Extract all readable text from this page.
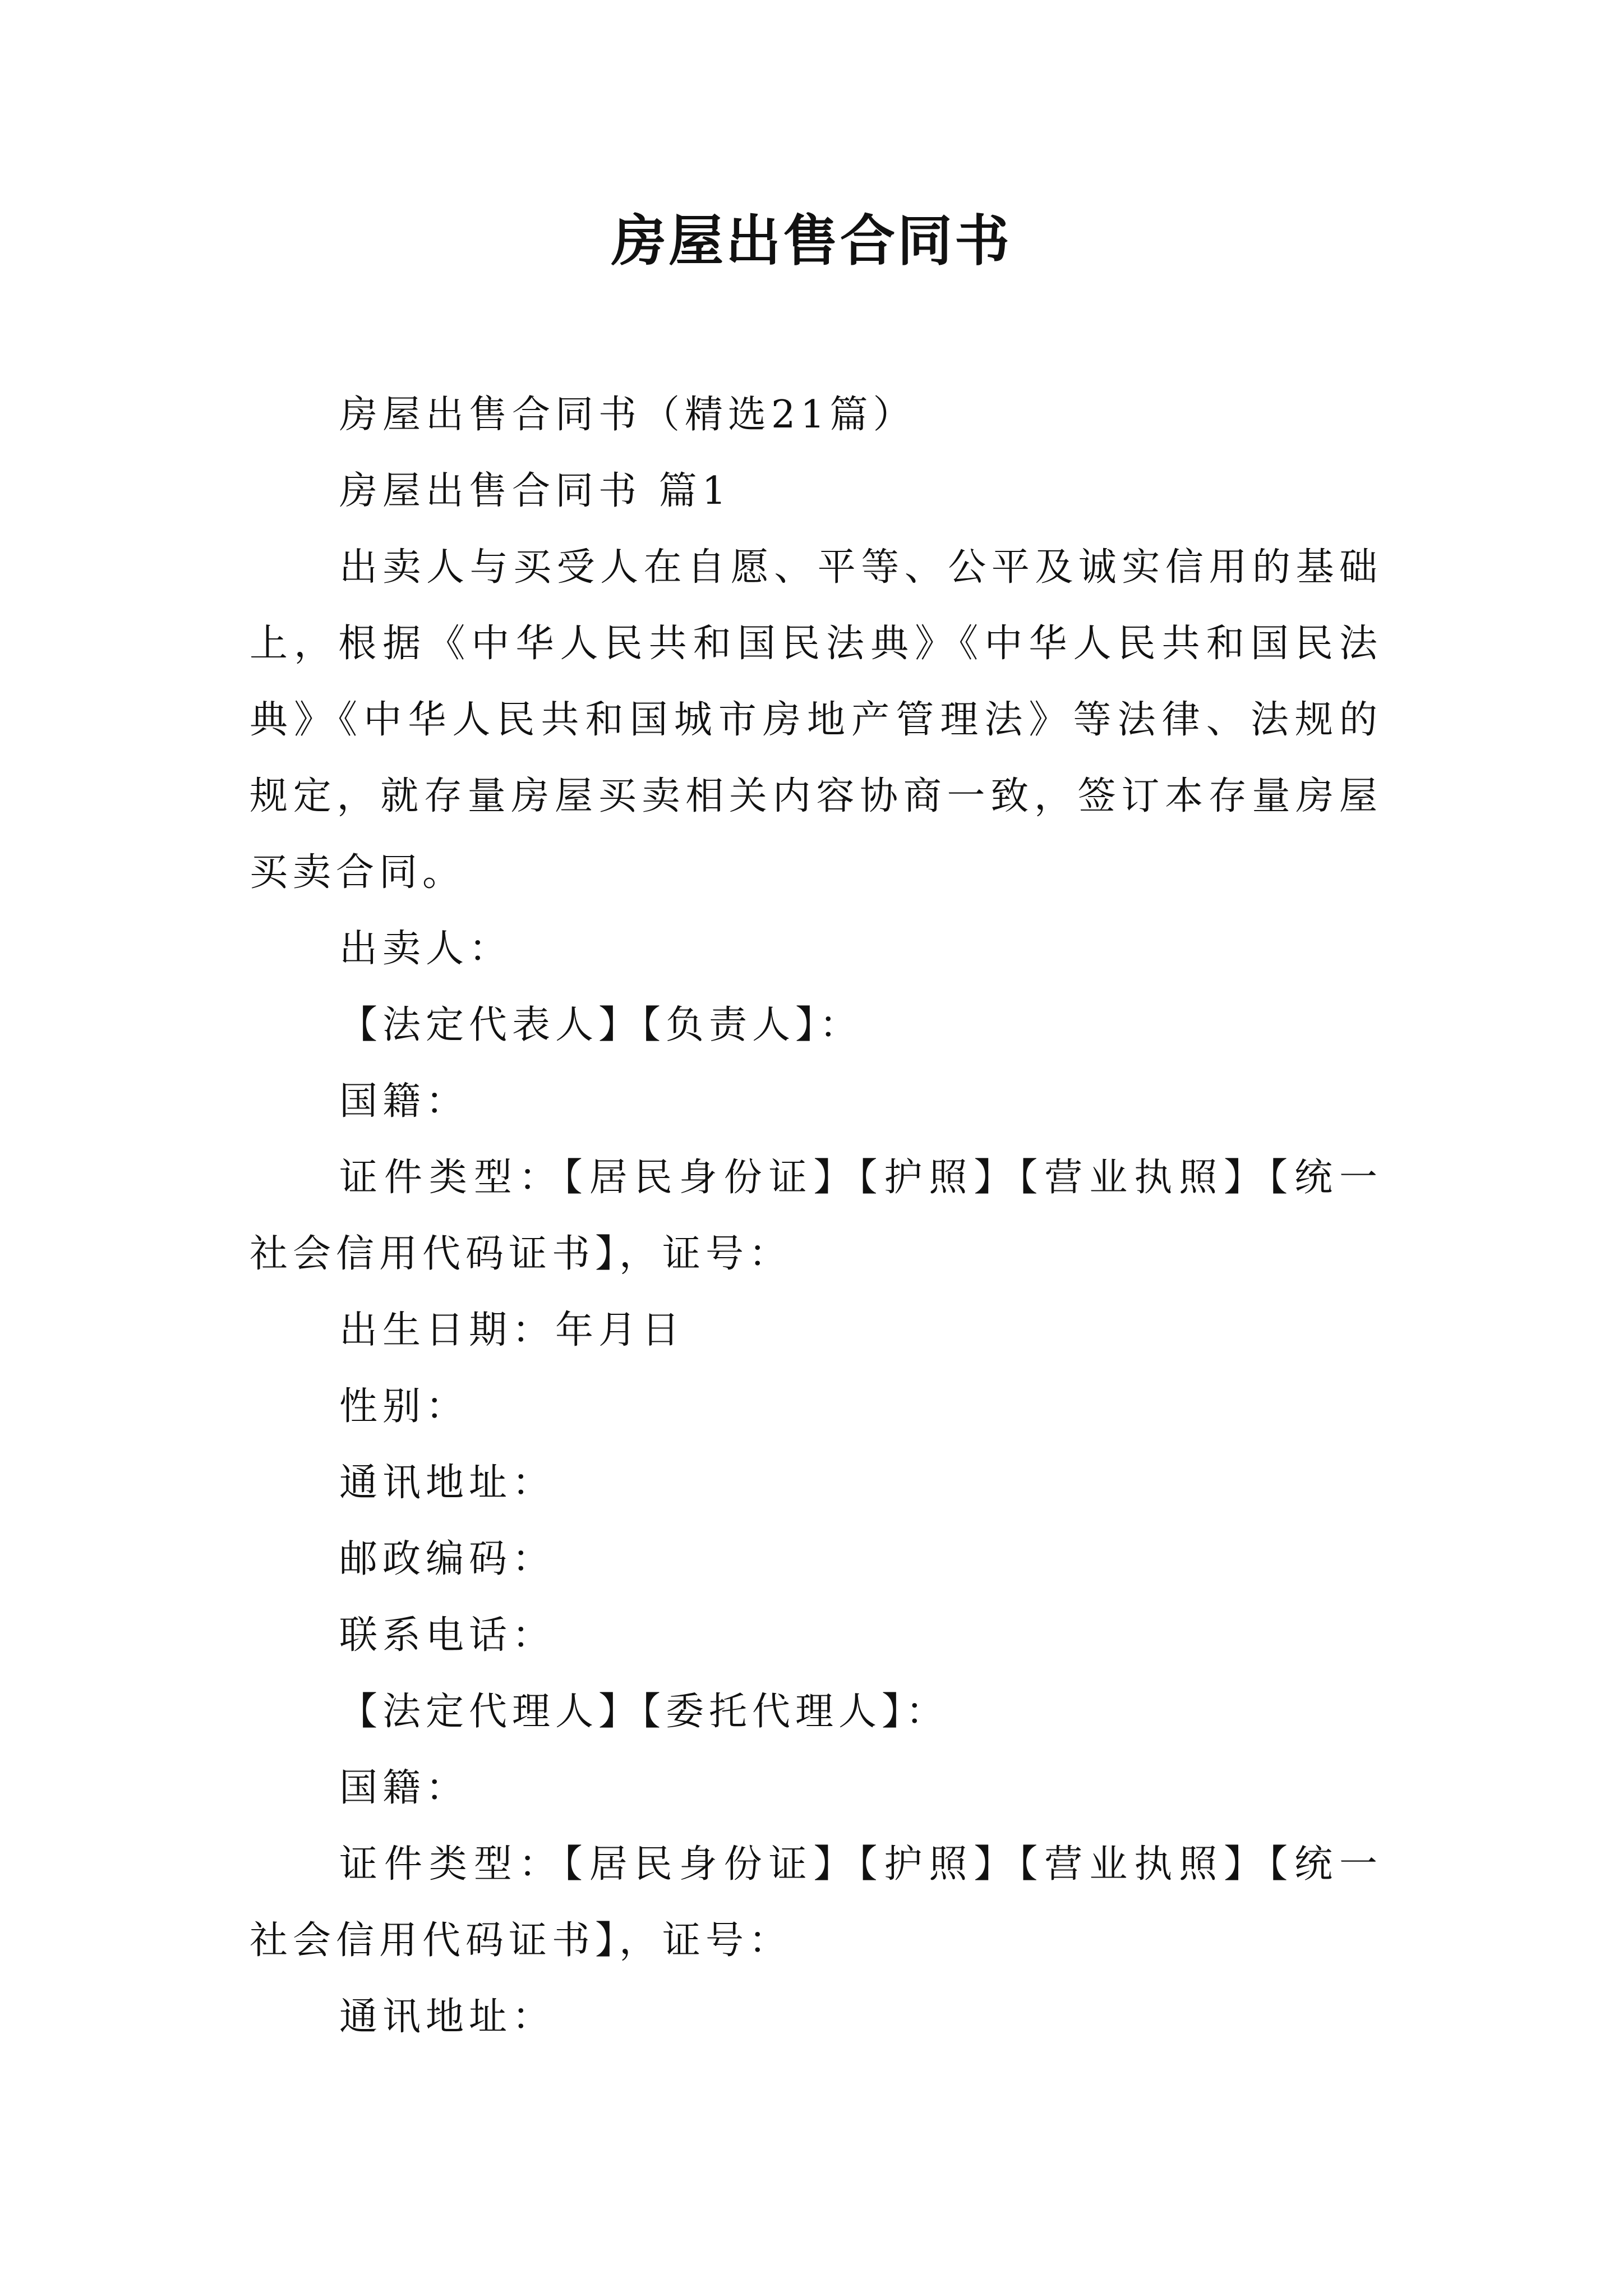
房屋出售合同书

房屋出售合同书（精选21篇）

房屋出售合同书 篇1

出卖人与买受人在自愿、平等、公平及诚实信用的基础上，根据《中华人民共和国民法典》《中华人民共和国民法典》《中华人民共和国城市房地产管理法》等法律、法规的规定，就存量房屋买卖相关内容协商一致，签订本存量房屋买卖合同。

出卖人：

【法定代表人】【负责人】：

国籍：

证件类型：【居民身份证】【护照】【营业执照】【统一社会信用代码证书】，证号：

出生日期：年月日

性别：

通讯地址：

邮政编码：

联系电话：

【法定代理人】【委托代理人】：

国籍：

证件类型：【居民身份证】【护照】【营业执照】【统一社会信用代码证书】，证号：

通讯地址：
